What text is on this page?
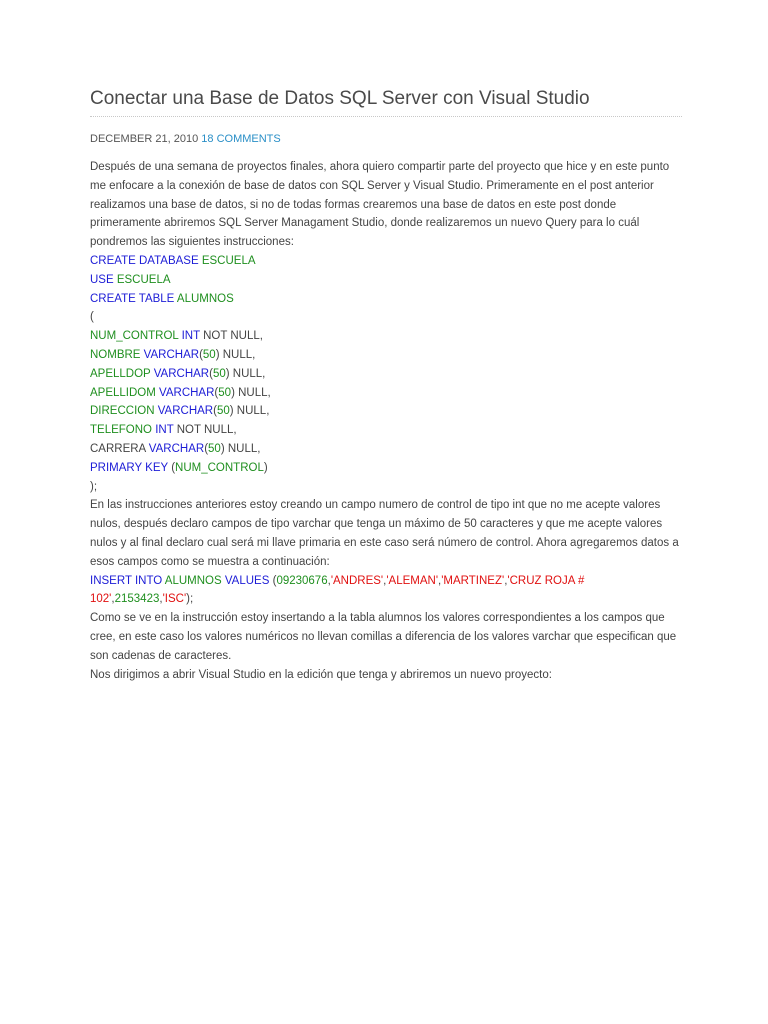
Conectar una Base de Datos SQL Server con Visual Studio
DECEMBER 21, 2010 18 COMMENTS

Después de una semana de proyectos finales, ahora quiero compartir parte del proyecto que hice y en este punto me enfocare a la conexión de base de datos con SQL Server y Visual Studio. Primeramente en el post anterior realizamos una base de datos, si no de todas formas crearemos una base de datos en este post donde primeramente abriremos SQL Server Managament Studio, donde realizaremos un nuevo Query para lo cuál pondremos las siguientes instrucciones:

CREATE DATABASE ESCUELA
USE ESCUELA
CREATE TABLE ALUMNOS
(
NUM_CONTROL INT NOT NULL,
NOMBRE VARCHAR(50) NULL,
APELLDOP VARCHAR(50) NULL,
APELLIDOM VARCHAR(50) NULL,
DIRECCION VARCHAR(50) NULL,
TELEFONO INT NOT NULL,
CARRERA VARCHAR(50) NULL,
PRIMARY KEY (NUM_CONTROL)
);

En las instrucciones anteriores estoy creando un campo numero de control de tipo int que no me acepte valores nulos, después declaro campos de tipo varchar que tenga un máximo de 50 caracteres y que me acepte valores nulos y al final declaro cual será mi llave primaria en este caso será número de control. Ahora agregaremos datos a esos campos como se muestra a continuación:

INSERT INTO ALUMNOS VALUES (09230676,'ANDRES','ALEMAN','MARTINEZ','CRUZ ROJA #
102',2153423,'ISC');

Como se ve en la instrucción estoy insertando a la tabla alumnos los valores correspondientes a los campos que cree, en este caso los valores numéricos no llevan comillas a diferencia de los valores varchar que especifican que son cadenas de caracteres.

Nos dirigimos a abrir Visual Studio en la edición que tenga y abriremos un nuevo proyecto:
